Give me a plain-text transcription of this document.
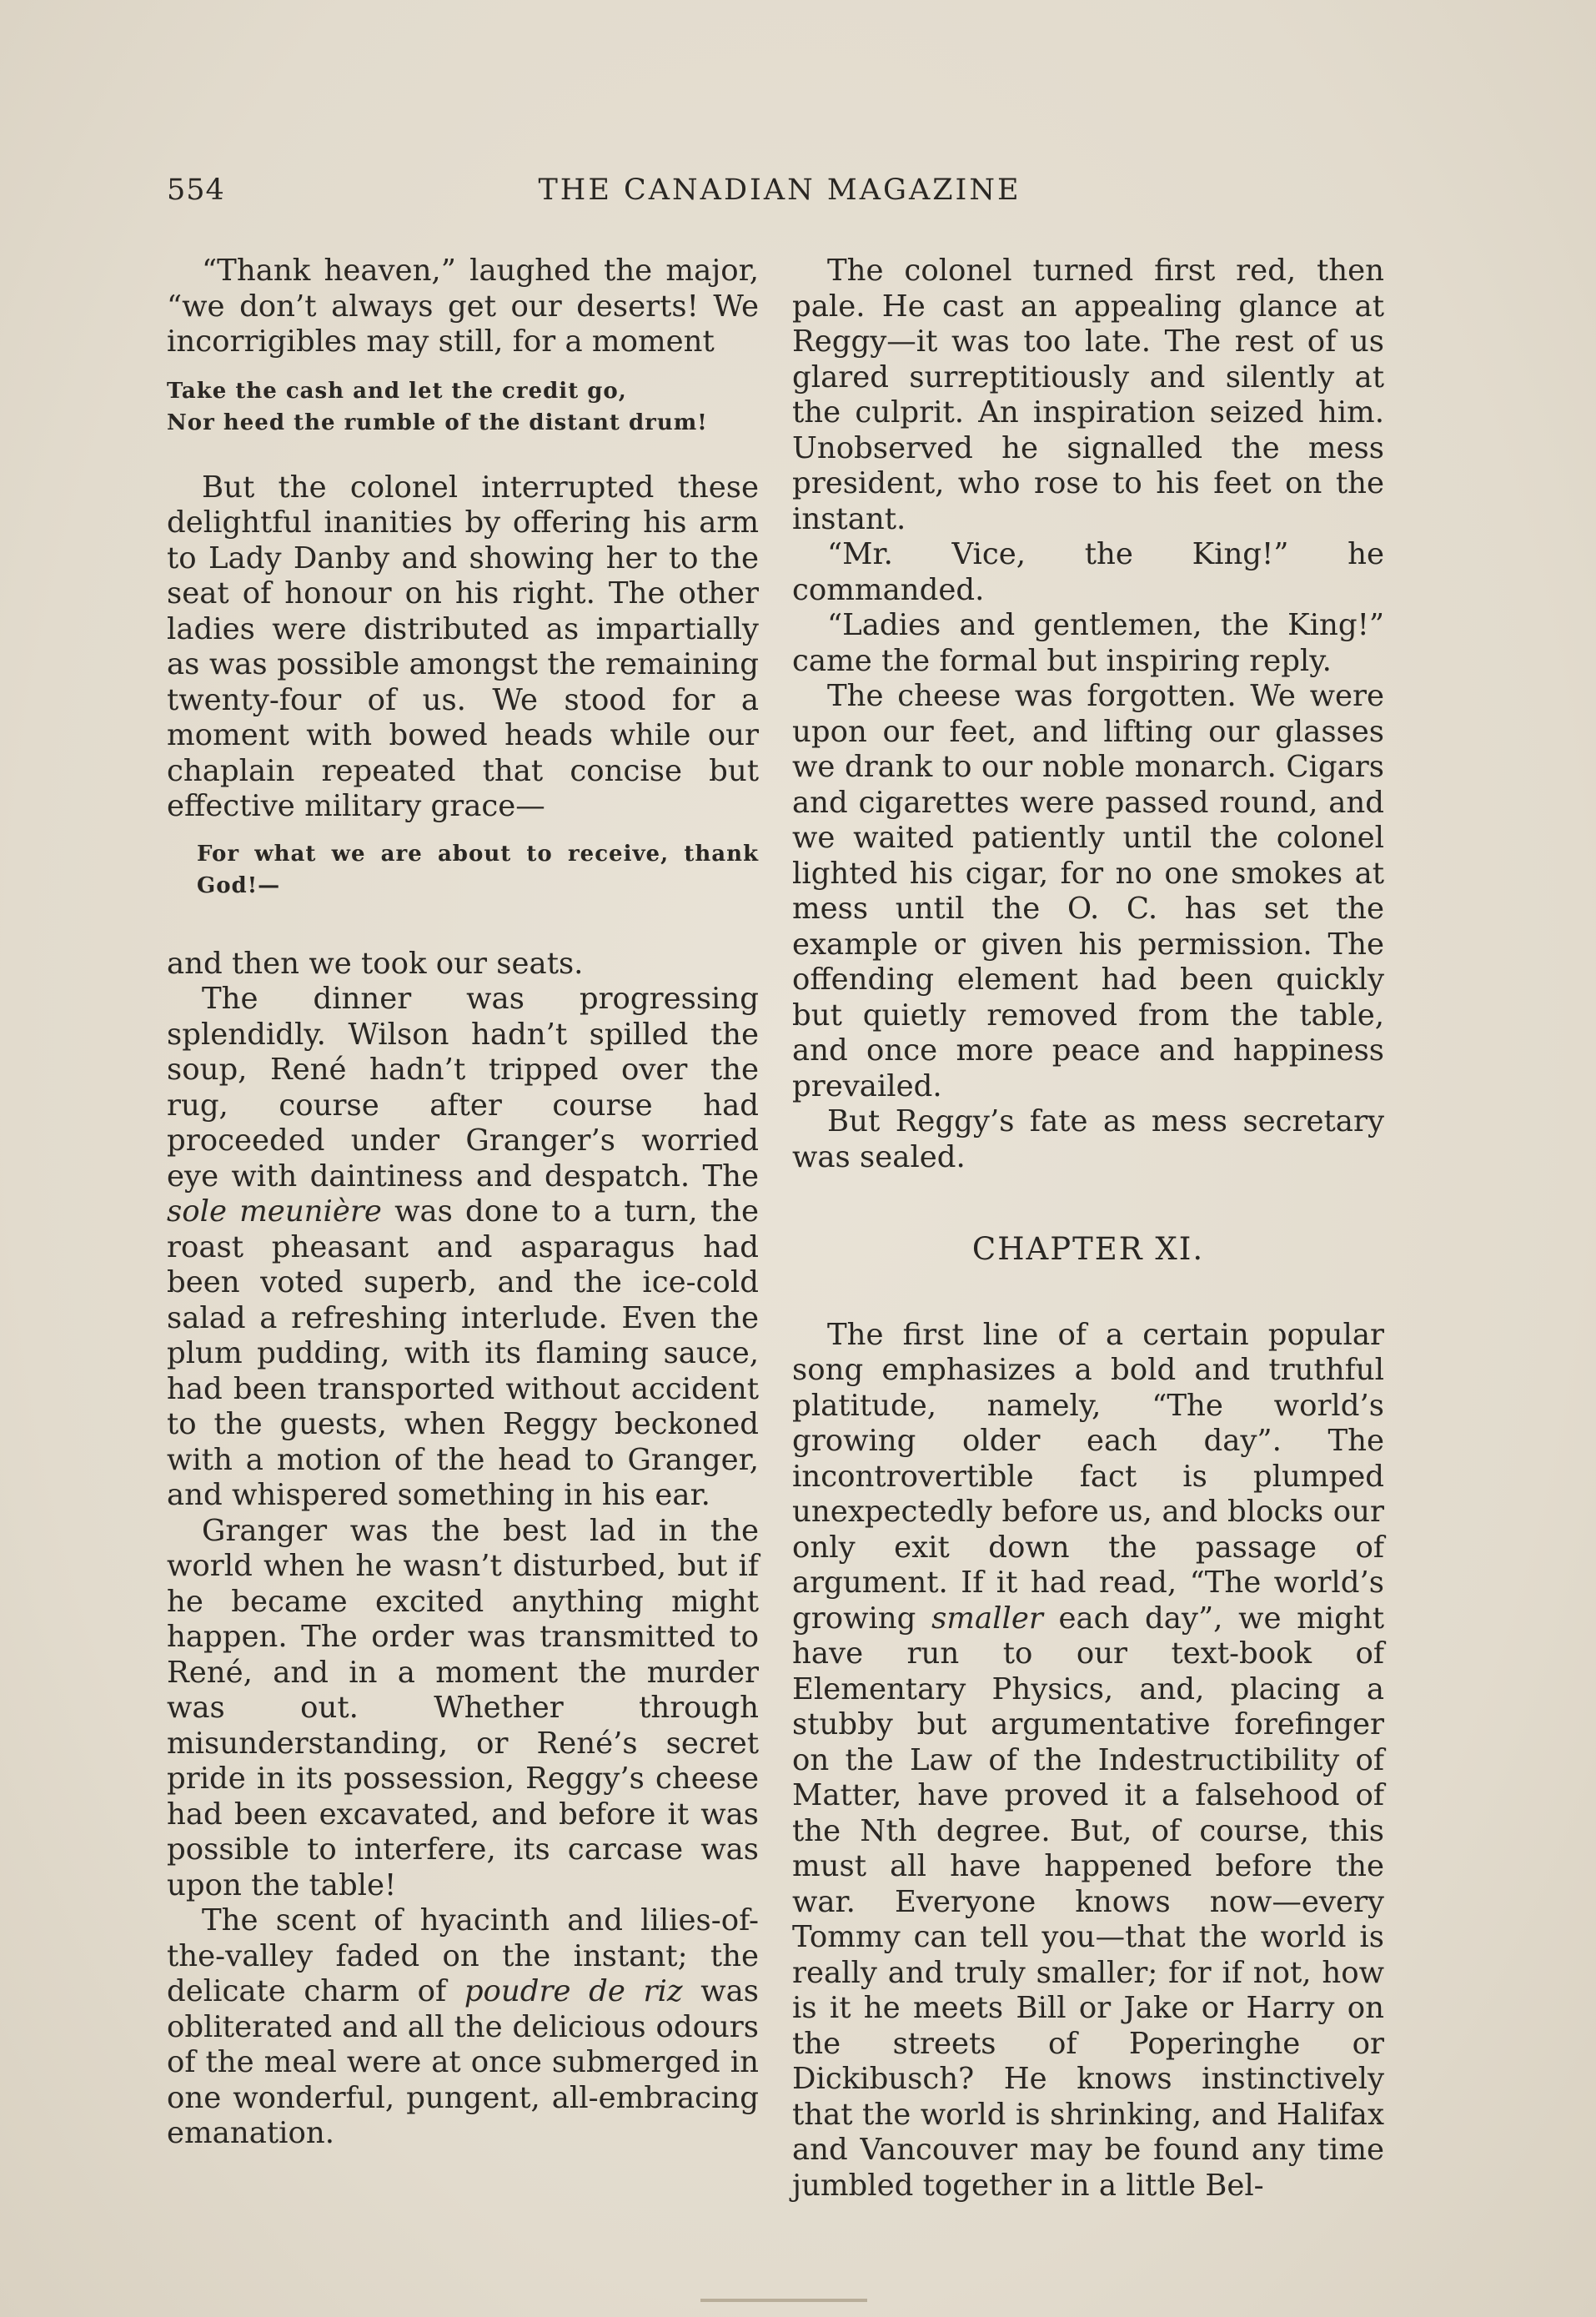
554	THE CANADIAN MAGAZINE

“Thank heaven,” laughed the major, “we don’t always get our deserts! We incorrigibles may still, for a moment

Take the cash and let the credit go,
Nor heed the rumble of the distant drum!

But the colonel interrupted these delightful inanities by offering his arm to Lady Danby and showing her to the seat of honour on his right. The other ladies were distributed as impartially as was possible amongst the remaining twenty-four of us. We stood for a moment with bowed heads while our chaplain repeated that concise but effective military grace—

For what we are about to receive, thank God!—

and then we took our seats.

The dinner was progressing splendidly. Wilson hadn’t spilled the soup, René hadn’t tripped over the rug, course after course had proceeded under Granger’s worried eye with daintiness and despatch. The sole meunière was done to a turn, the roast pheasant and asparagus had been voted superb, and the ice-cold salad a refreshing interlude. Even the plum pudding, with its flaming sauce, had been transported without accident to the guests, when Reggy beckoned with a motion of the head to Granger, and whispered something in his ear.

Granger was the best lad in the world when he wasn’t disturbed, but if he became excited anything might happen. The order was transmitted to René, and in a moment the murder was out. Whether through misunderstanding, or René’s secret pride in its possession, Reggy’s cheese had been excavated, and before it was possible to interfere, its carcase was upon the table!

The scent of hyacinth and lilies-of-the-valley faded on the instant; the delicate charm of poudre de riz was obliterated and all the delicious odours of the meal were at once submerged in one wonderful, pungent, all-embracing emanation.

The colonel turned first red, then pale. He cast an appealing glance at Reggy—it was too late. The rest of us glared surreptitiously and silently at the culprit. An inspiration seized him. Unobserved he signalled the mess president, who rose to his feet on the instant.

“Mr. Vice, the King!” he commanded.

“Ladies and gentlemen, the King!” came the formal but inspiring reply.

The cheese was forgotten. We were upon our feet, and lifting our glasses we drank to our noble monarch. Cigars and cigarettes were passed round, and we waited patiently until the colonel lighted his cigar, for no one smokes at mess until the O. C. has set the example or given his permission. The offending element had been quickly but quietly removed from the table, and once more peace and happiness prevailed.

But Reggy’s fate as mess secretary was sealed.

CHAPTER XI.

The first line of a certain popular song emphasizes a bold and truthful platitude, namely, “The world’s growing older each day”. The incontrovertible fact is plumped unexpectedly before us, and blocks our only exit down the passage of argument. If it had read, “The world’s growing smaller each day”, we might have run to our text-book of Elementary Physics, and, placing a stubby but argumentative forefinger on the Law of the Indestructibility of Matter, have proved it a falsehood of the Nth degree. But, of course, this must all have happened before the war. Everyone knows now—every Tommy can tell you—that the world is really and truly smaller; for if not, how is it he meets Bill or Jake or Harry on the streets of Poperinghe or Dickibusch? He knows instinctively that the world is shrinking, and Halifax and Vancouver may be found any time jumbled together in a little Bel-
